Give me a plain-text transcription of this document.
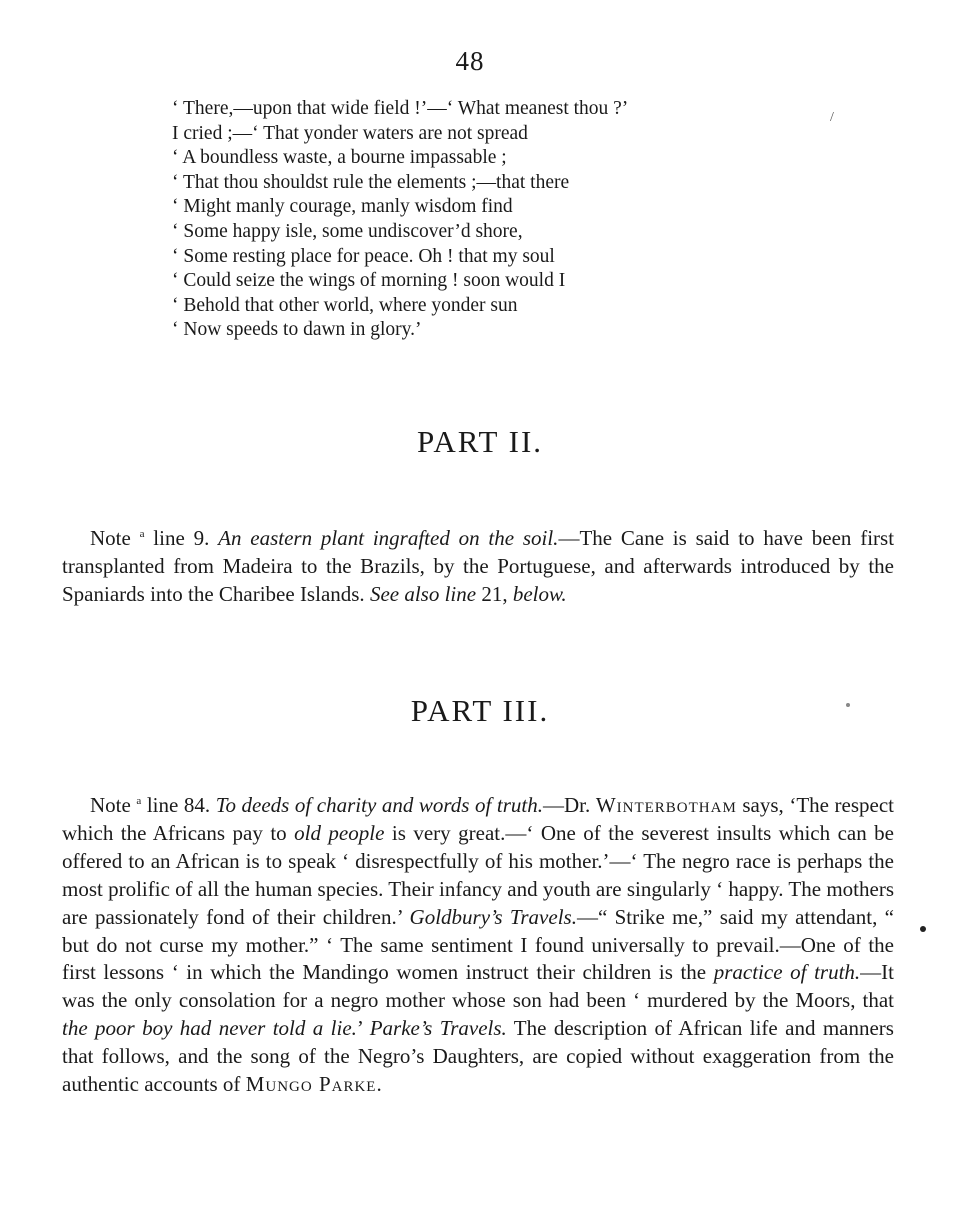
48
‘ There,—upon that wide field !’—‘ What meanest thou ?’
I cried ;—‘ That yonder waters are not spread
‘ A boundless waste, a bourne impassable ;
‘ That thou shouldst rule the elements ;—that there
‘ Might manly courage, manly wisdom find
‘ Some happy isle, some undiscover’d shore,
‘ Some resting place for peace. Oh ! that my soul
‘ Could seize the wings of morning ! soon would I
‘ Behold that other world, where yonder sun
‘ Now speeds to dawn in glory.’
PART II.

Note $^a$ line 9. An eastern plant ingrafted on the soil.—The Cane is said to have been first transplanted from Madeira to the Brazils, by the Portuguese, and afterwards introduced by the Spaniards into the Charibee Islands. See also line 21, below.

PART III.

Note $^a$ line 84. To deeds of charity and words of truth.—Dr. Winterbotham says, ‘The respect which the Africans pay to old people is very great.—‘ One of the severest insults which can be offered to an African is to speak ‘ disrespectfully of his mother.’—‘ The negro race is perhaps the most prolific of all the human species. Their infancy and youth are singularly ‘ happy. The mothers are passionately fond of their children.’ Goldbury’s Travels.—“ Strike me,” said my attendant, “ but do not curse my mother.” ‘ The same sentiment I found universally to prevail.—One of the first lessons ‘ in which the Mandingo women instruct their children is the practice of truth.—It was the only consolation for a negro mother whose son had been ‘ murdered by the Moors, that the poor boy had never told a lie.’ Parke’s Travels. The description of African life and manners that follows, and the song of the Negro’s Daughters, are copied without exaggeration from the authentic accounts of Mungo Parke.

/
